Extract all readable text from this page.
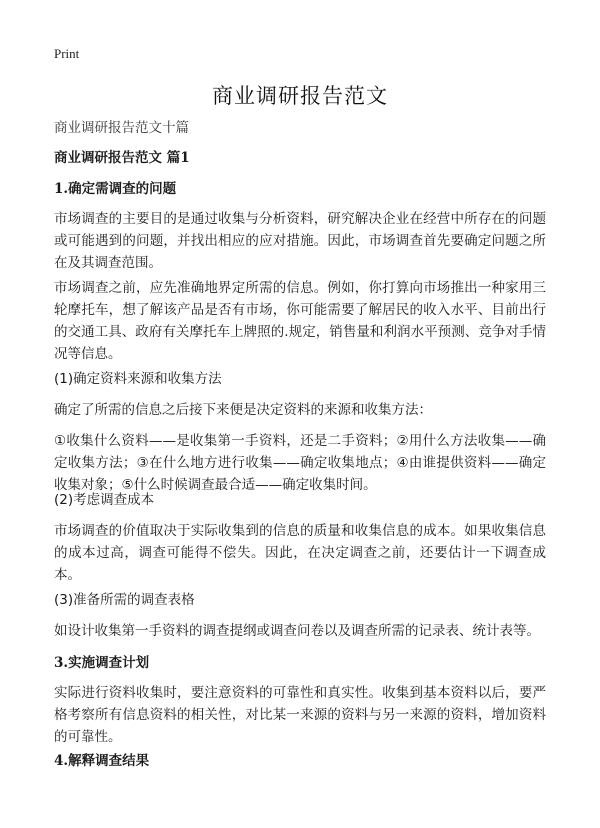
Print
商业调研报告范文
商业调研报告范文十篇
商业调研报告范文 篇1
1.确定需调查的问题
市场调查的主要目的是通过收集与分析资料，研究解决企业在经营中所存在的问题或可能遇到的问题，并找出相应的应对措施。因此，市场调查首先要确定问题之所在及其调查范围。
市场调查之前，应先准确地界定所需的信息。例如，你打算向市场推出一种家用三轮摩托车，想了解该产品是否有市场，你可能需要了解居民的收入水平、目前出行的交通工具、政府有关摩托车上牌照的.规定，销售量和利润水平预测、竞争对手情况等信息。
(1)确定资料来源和收集方法
确定了所需的信息之后接下来便是决定资料的来源和收集方法：
①收集什么资料——是收集第一手资料，还是二手资料；②用什么方法收集——确定收集方法；③在什么地方进行收集——确定收集地点；④由谁提供资料——确定收集对象；⑤什么时候调查最合适——确定收集时间。
(2)考虑调查成本
市场调查的价值取决于实际收集到的信息的质量和收集信息的成本。如果收集信息的成本过高，调查可能得不偿失。因此，在决定调查之前，还要估计一下调查成本。
(3)准备所需的调查表格
如设计收集第一手资料的调查提纲或调查问卷以及调查所需的记录表、统计表等。
3.实施调查计划
实际进行资料收集时，要注意资料的可靠性和真实性。收集到基本资料以后，要严格考察所有信息资料的相关性，对比某一来源的资料与另一来源的资料，增加资料的可靠性。
4.解释调查结果
